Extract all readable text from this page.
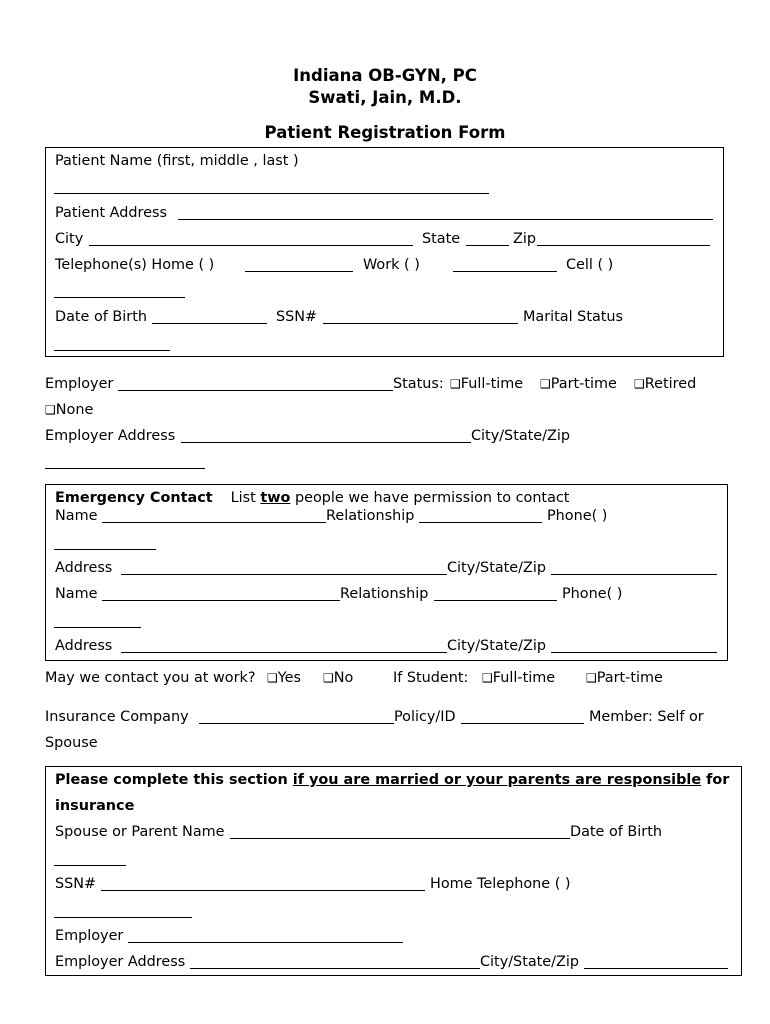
Indiana OB-GYN, PC
Swati, Jain, M.D.
Patient Registration Form
Patient Name (first, middle , last )
Patient Address
City	State	Zip
Telephone(s) Home ( )	Work ( )	Cell ( )
Date of Birth	SSN#	Marital Status
Employer	Status: ❑Full-time ❑Part-time ❑Retired
❑None
Employer Address	City/State/Zip
Emergency Contact List two people we have permission to contact
Name	Relationship	Phone( )
Address	City/State/Zip
Name	Relationship	Phone( )
Address	City/State/Zip
May we contact you at work? ❑Yes ❑No	If Student: ❑Full-time	❑Part-time
Insurance Company	Policy/ID	Member: Self or
Spouse
Please complete this section if you are married or your parents are responsible for
insurance
Spouse or Parent Name	Date of Birth
SSN#	Home Telephone ( )
Employer
Employer Address	City/State/Zip
